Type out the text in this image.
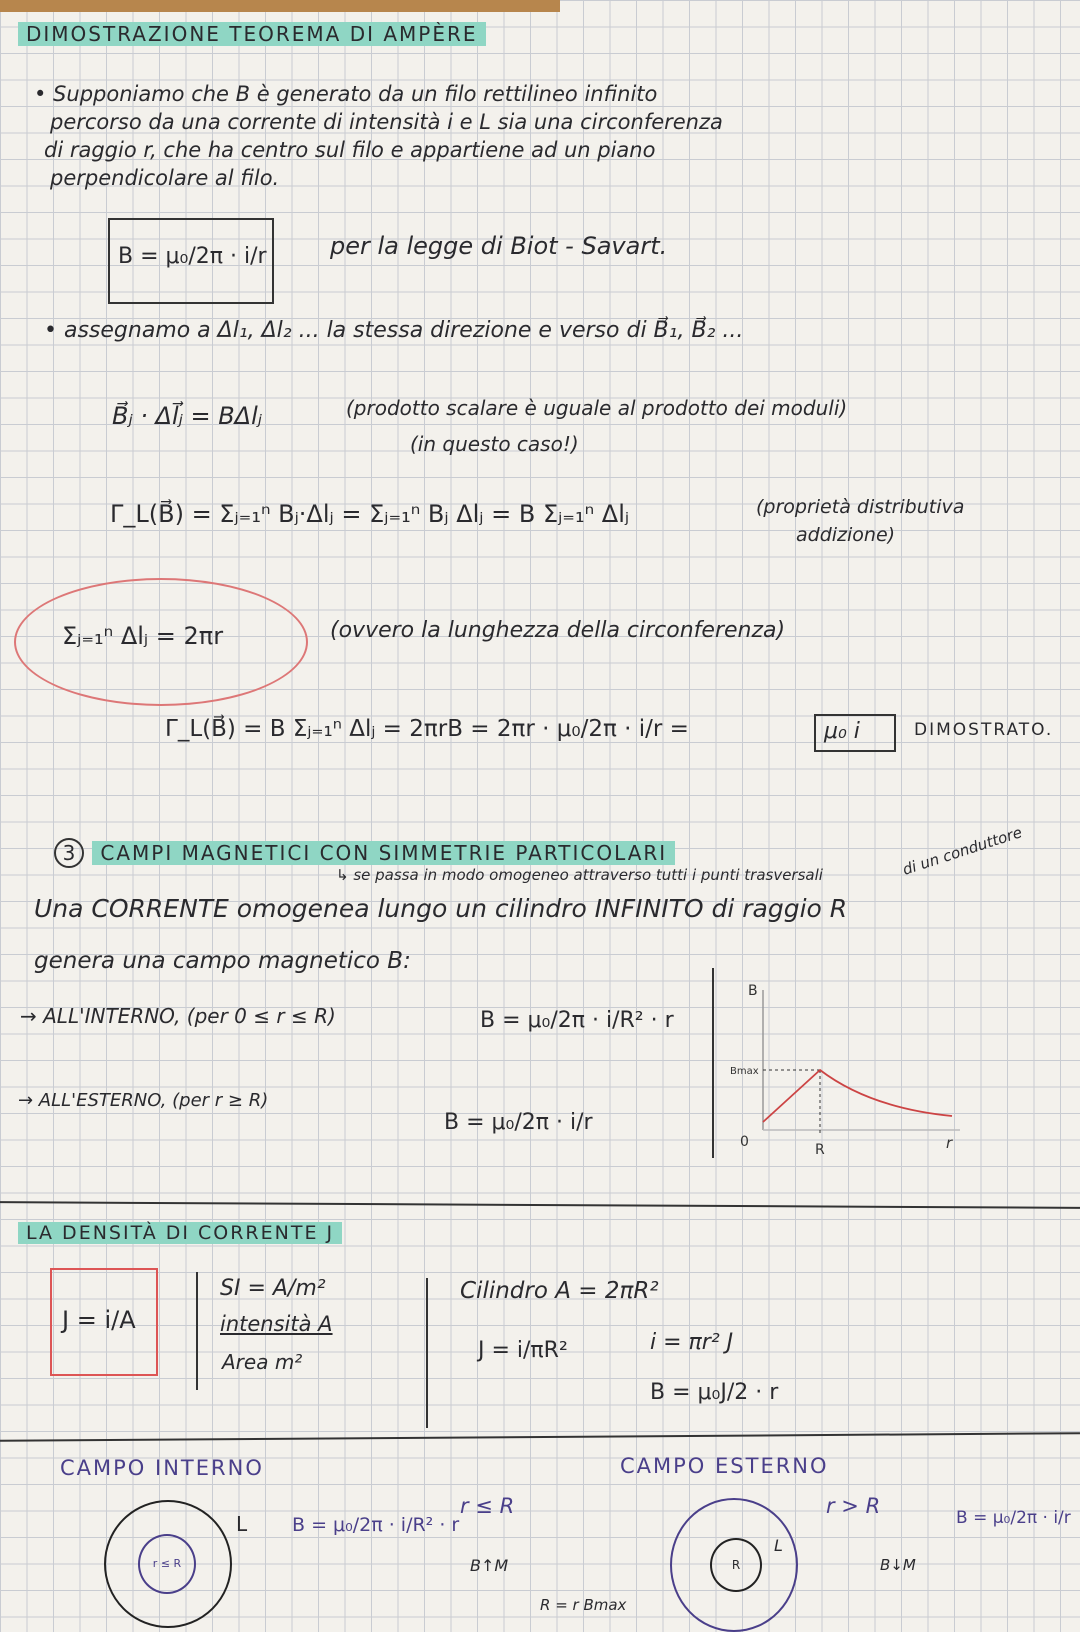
DIMOSTRAZIONE TEOREMA DI AMPÈRE
• Supponiamo che B è generato da un filo rettilineo infinito
percorso da una corrente di intensità i e L sia una circonferenza
di raggio r, che ha centro sul filo e appartiene ad un piano
perpendicolare al filo.
B = μ₀/2π · i/r	per la legge di Biot - Savart.
• assegnamo a Δl₁, Δl₂ ... la stessa direzione e verso di B⃗₁, B⃗₂ ...
B⃗ⱼ · Δl⃗ⱼ = BΔlⱼ	(prodotto scalare è uguale al prodotto dei moduli)
(in questo caso!)
Γ_L(B⃗) = Σⱼ₌₁ⁿ Bⱼ·Δlⱼ = Σⱼ₌₁ⁿ Bⱼ Δlⱼ = B Σⱼ₌₁ⁿ Δlⱼ	(proprietà distributiva
addizione)
Σⱼ₌₁ⁿ Δlⱼ = 2πr	(ovvero la lunghezza della circonferenza)
Γ_L(B⃗) = B Σⱼ₌₁ⁿ Δlⱼ = 2πrB = 2πr · μ₀/2π · i/r =	μ₀ i	DIMOSTRATO.
3 CAMPI MAGNETICI CON SIMMETRIE PARTICOLARI
↳ se passa in modo omogeneo attraverso tutti i punti trasversali	di un conduttore
Una CORRENTE omogenea lungo un cilindro INFINITO di raggio R
genera una campo magnetico B:
→ ALL'INTERNO, (per 0 ≤ r ≤ R)	B = μ₀/2π · i/R² · r
→ ALL'ESTERNO, (per r ≥ R)
B = μ₀/2π · i/r
B
Bmax
0	R	r
LA DENSITÀ DI CORRENTE J
J = i/A
SI = A/m²
intensità A
Area m²
Cilindro A = 2πR²
J = i/πR²	i = πr² J
B = μ₀J/2 · r
CAMPO INTERNO	CAMPO ESTERNO
r ≤ R
L B = μ₀/2π · i/R² · r
r ≤ R
B↑M	R
L
r > R
B↓M
B = μ₀/2π · i/r
R = r Bmax
